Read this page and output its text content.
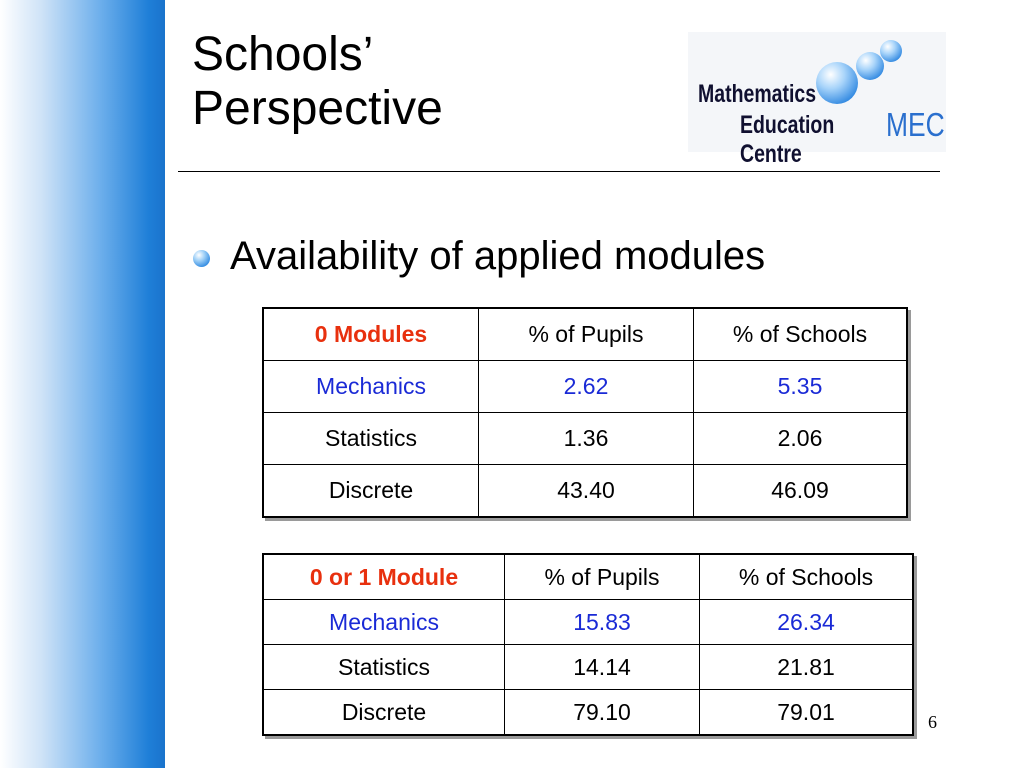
Schools’
Perspective	Mathematics
Education Centre
MEC
Availability of applied modules
0 Modules	% of Pupils	% of Schools
Mechanics	2.62	5.35
Statistics	1.36	2.06
Discrete	43.40	46.09
0 or 1 Module	% of Pupils	% of Schools
Mechanics	15.83	26.34
Statistics	14.14	21.81
Discrete	79.10	79.01	6
